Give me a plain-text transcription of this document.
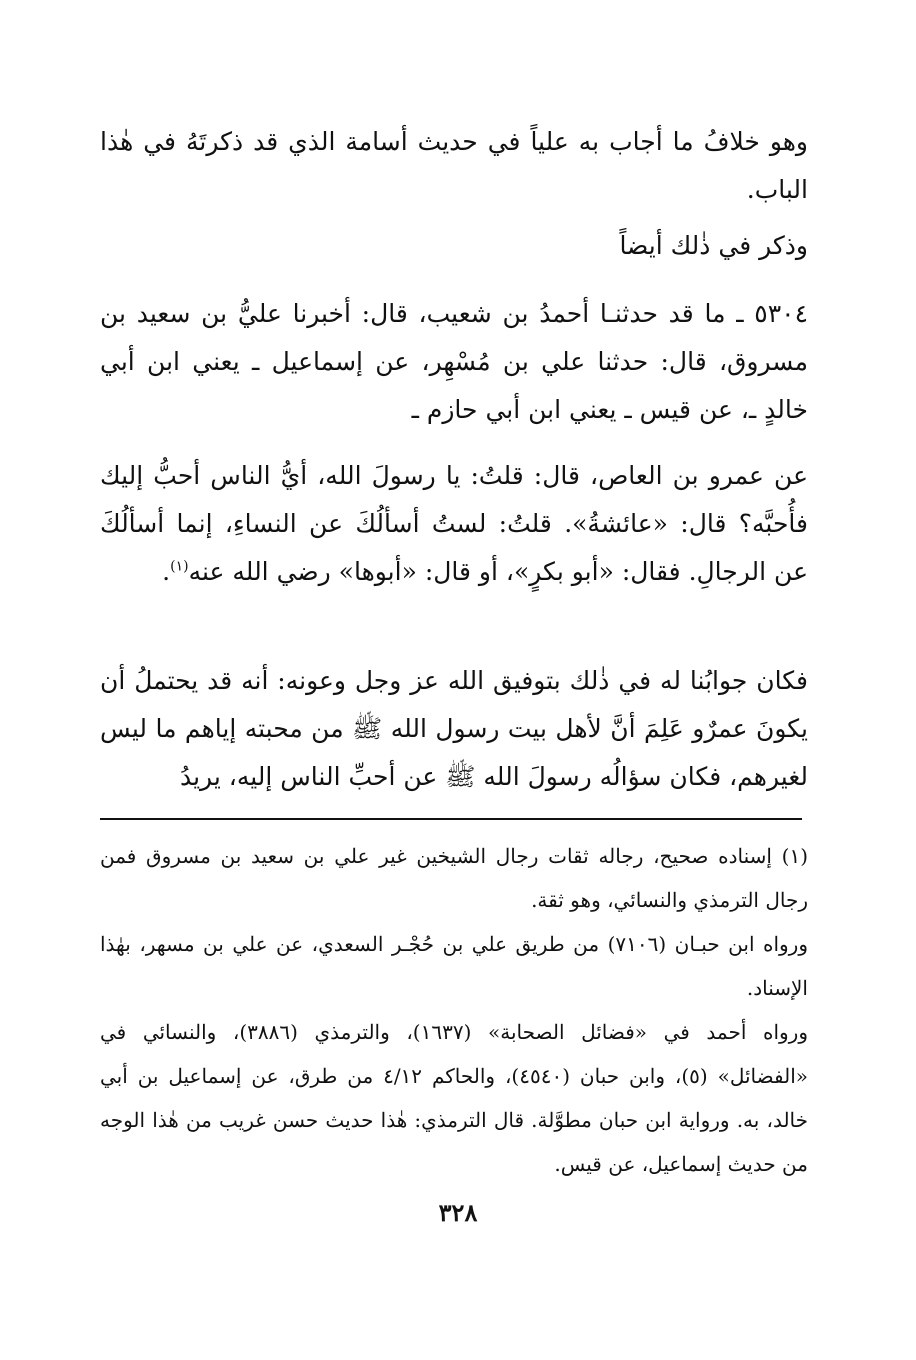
وهو خلافُ ما أجاب به علياً في حديث أسامة الذي قد ذكرتَهُ في هٰذا الباب.

وذكر في ذٰلك أيضاً

٥٣٠٤ ـ ما قد حدثنـا أحمدُ بن شعيب، قال: أخبرنا عليُّ بن سعيد بن مسروق، قال: حدثنا علي بن مُسْهِر، عن إسماعيل ـ يعني ابن أبي خالدٍ ـ، عن قيس ـ يعني ابن أبي حازم ـ

عن عمرو بن العاص، قال: قلتُ: يا رسولَ الله، أيُّ الناس أحبُّ إليك فأُحبَّه؟ قال: «عائشةُ». قلتُ: لستُ أسألُكَ عن النساءِ، إنما أسألُكَ عن الرجالِ. فقال: «أبو بكرٍ»، أو قال: «أبوها» رضي الله عنه$^{(١)}$.

فكان جوابُنا له في ذٰلك بتوفيق الله عز وجل وعونه: أنه قد يحتملُ أن يكونَ عمرٌو عَلِمَ أنَّ لأهل بيت رسول الله ﷺ من محبته إياهم ما ليس لغيرهم، فكان سؤالُه رسولَ الله ﷺ عن أحبِّ الناس إليه، يريدُ

(١) إسناده صحيح، رجاله ثقات رجال الشيخين غير علي بن سعيد بن مسروق فمن رجال الترمذي والنسائي، وهو ثقة.

ورواه ابن حبـان (٧١٠٦) من طريق علي بن حُجْـر السعدي، عن علي بن مسهر، بهٰذا الإسناد.

ورواه أحمد في «فضائل الصحابة» (١٦٣٧)، والترمذي (٣٨٨٦)، والنسائي في «الفضائل» (٥)، وابن حبان (٤٥٤٠)، والحاكم ٤/١٢ من طرق، عن إسماعيل بن أبي خالد، به. ورواية ابن حبان مطوَّلة. قال الترمذي: هٰذا حديث حسن غريب من هٰذا الوجه من حديث إسماعيل، عن قيس.

٣٢٨
